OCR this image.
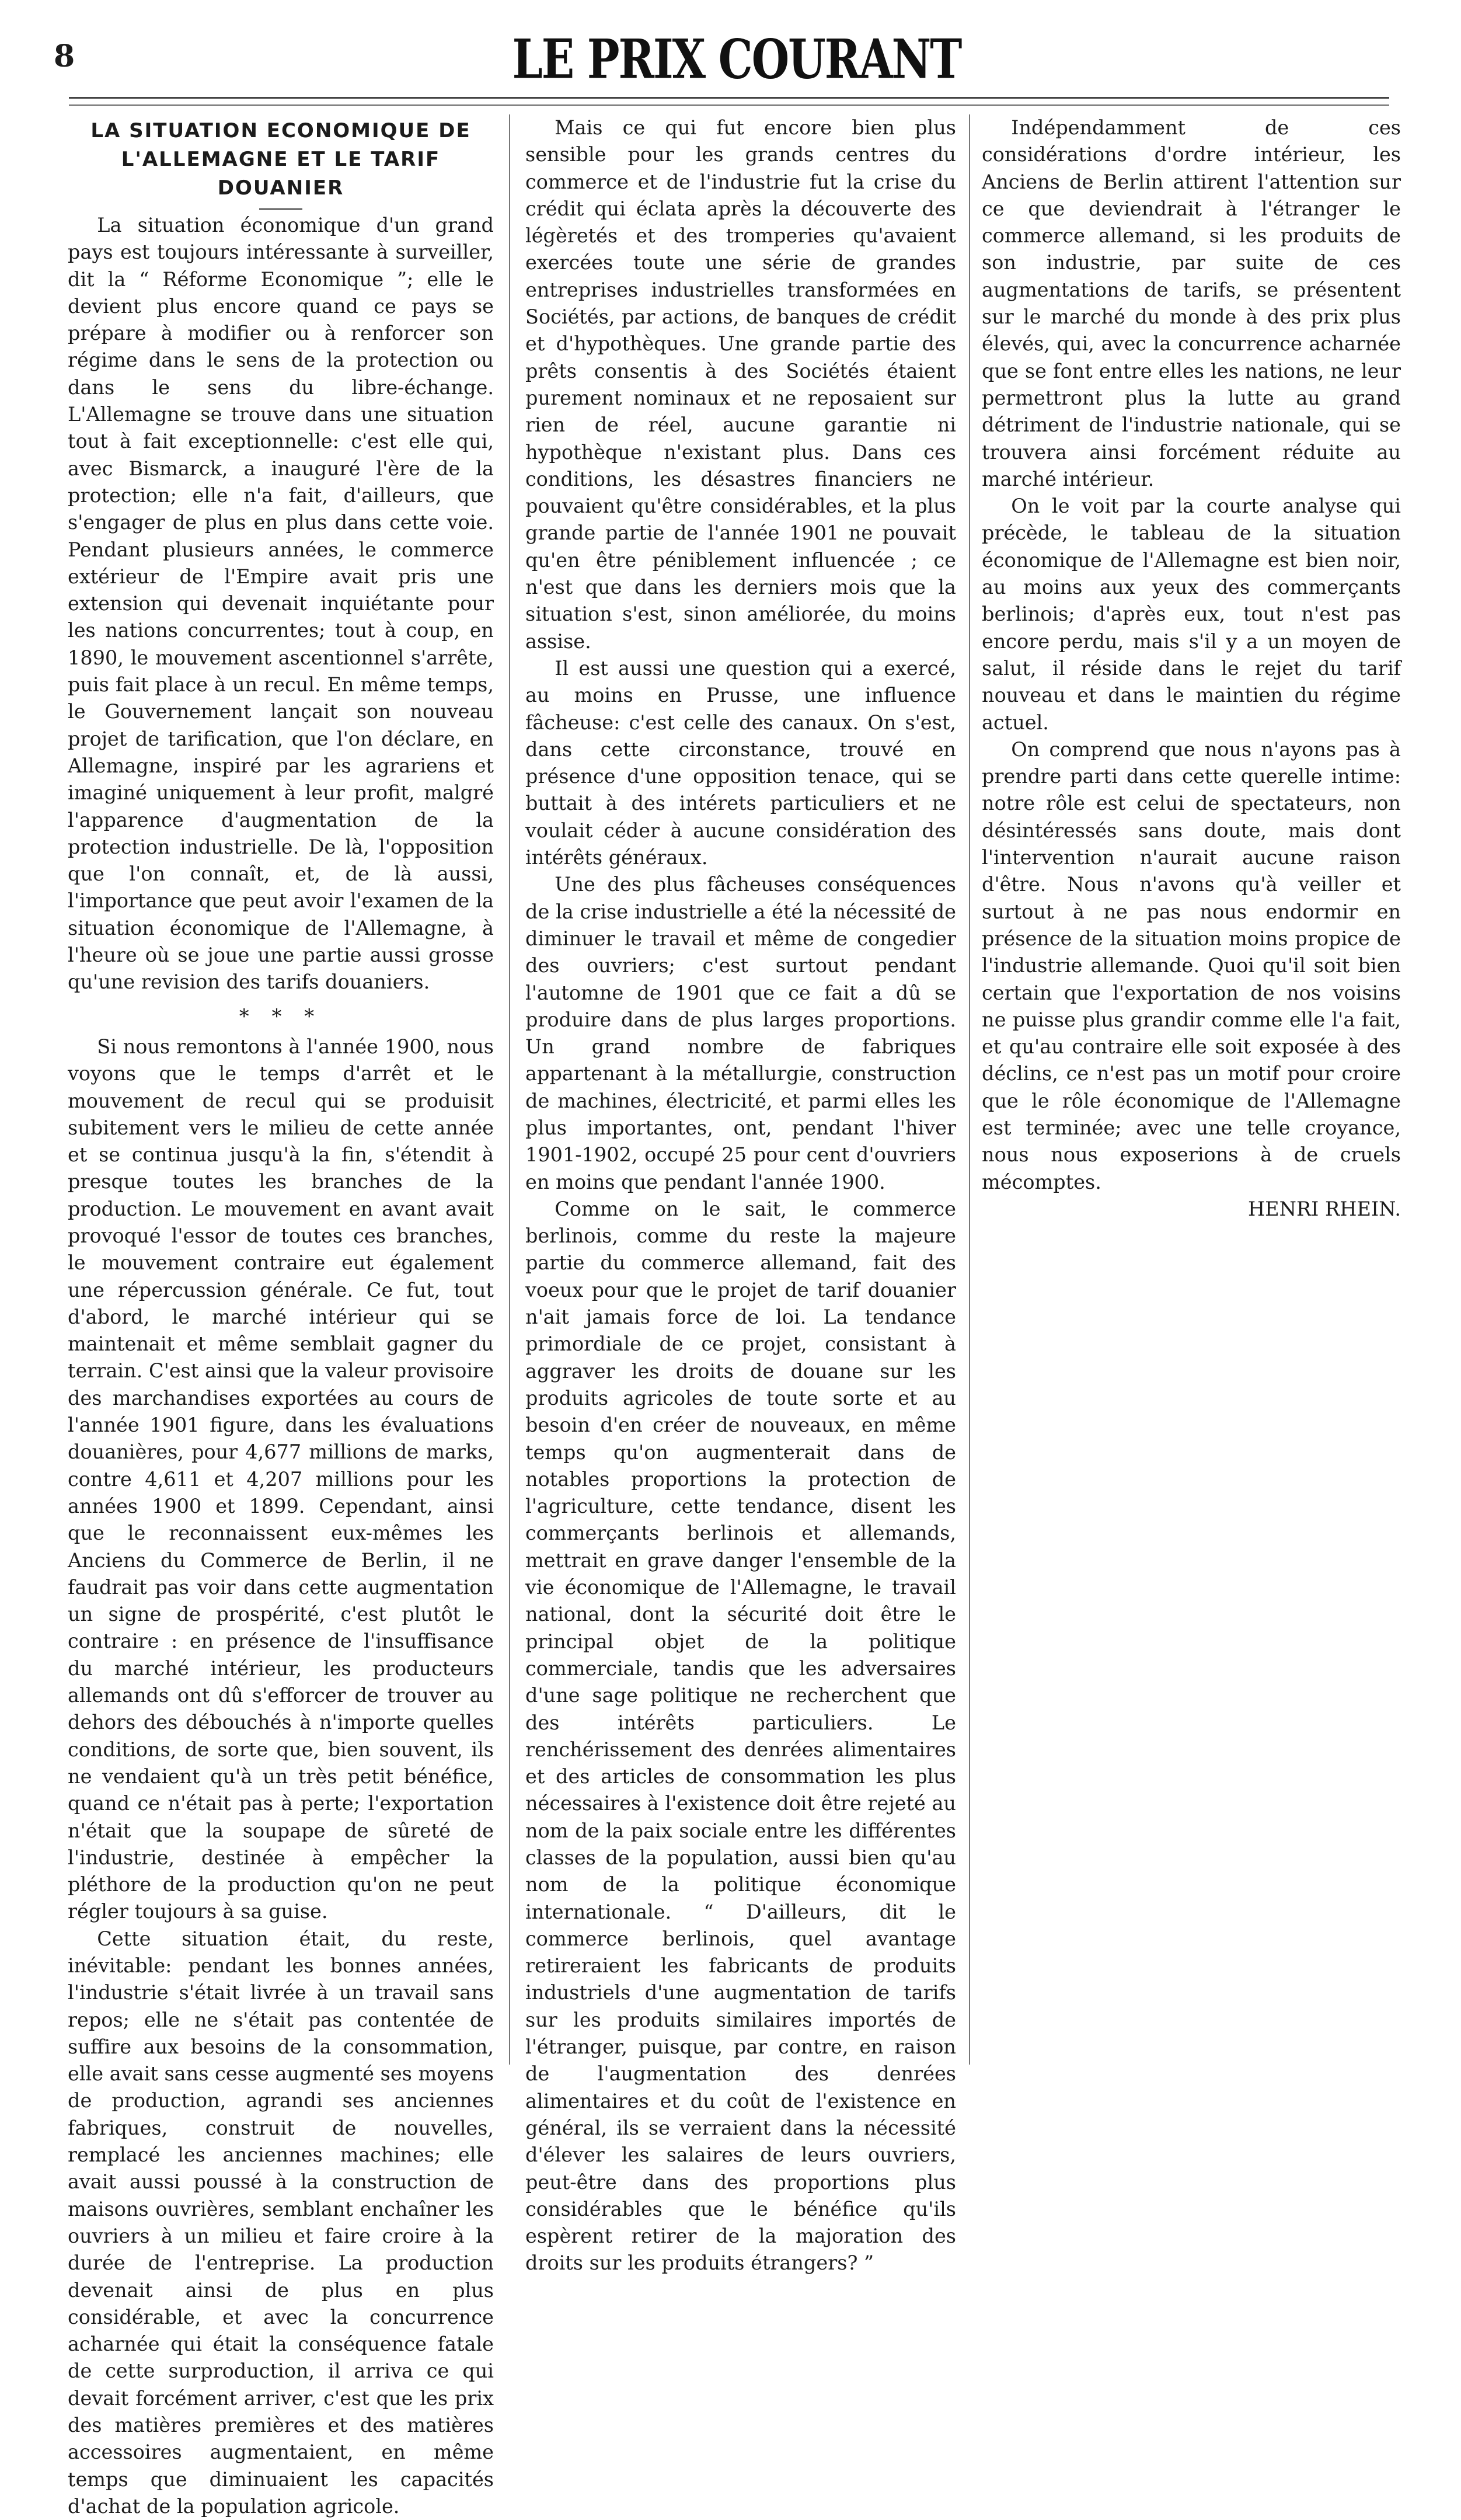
8	LE PRIX COURANT
LA SITUATION ECONOMIQUE DE L'ALLEMAGNE ET LE TARIF DOUANIER

La situation économique d'un grand pays est toujours intéressante à surveiller, dit la “ Réforme Economique ”; elle le devient plus encore quand ce pays se prépare à modifier ou à renforcer son régime dans le sens de la protection ou dans le sens du libre-échange. L'Allemagne se trouve dans une situation tout à fait exceptionnelle: c'est elle qui, avec Bismarck, a inauguré l'ère de la protection; elle n'a fait, d'ailleurs, que s'engager de plus en plus dans cette voie. Pendant plusieurs années, le commerce extérieur de l'Empire avait pris une extension qui devenait inquiétante pour les nations concurrentes; tout à coup, en 1890, le mouvement ascentionnel s'arrête, puis fait place à un recul. En même temps, le Gouvernement lançait son nouveau projet de tarification, que l'on déclare, en Allemagne, inspiré par les agrariens et imaginé uniquement à leur profit, malgré l'apparence d'augmentation de la protection industrielle. De là, l'opposition que l'on connaît, et, de là aussi, l'importance que peut avoir l'examen de la situation économique de l'Allemagne, à l'heure où se joue une partie aussi grosse qu'une revision des tarifs douaniers.

* * *

Si nous remontons à l'année 1900, nous voyons que le temps d'arrêt et le mouvement de recul qui se produisit subitement vers le milieu de cette année et se continua jusqu'à la fin, s'étendit à presque toutes les branches de la production. Le mouvement en avant avait provoqué l'essor de toutes ces branches, le mouvement contraire eut également une répercussion générale. Ce fut, tout d'abord, le marché intérieur qui se maintenait et même semblait gagner du terrain. C'est ainsi que la valeur provisoire des marchandises exportées au cours de l'année 1901 figure, dans les évaluations douanières, pour 4,677 millions de marks, contre 4,611 et 4,207 millions pour les années 1900 et 1899. Cependant, ainsi que le reconnaissent eux-mêmes les Anciens du Commerce de Berlin, il ne faudrait pas voir dans cette augmentation un signe de prospérité, c'est plutôt le contraire : en présence de l'insuffisance du marché intérieur, les producteurs allemands ont dû s'efforcer de trouver au dehors des débouchés à n'importe quelles conditions, de sorte que, bien souvent, ils ne vendaient qu'à un très petit bénéfice, quand ce n'était pas à perte; l'exportation n'était que la soupape de sûreté de l'industrie, destinée à empêcher la pléthore de la production qu'on ne peut régler toujours à sa guise.

Cette situation était, du reste, inévitable: pendant les bonnes années, l'industrie s'était livrée à un travail sans repos; elle ne s'était pas contentée de suffire aux besoins de la consommation, elle avait sans cesse augmenté ses moyens de production, agrandi ses anciennes fabriques, construit de nouvelles, remplacé les anciennes machines; elle avait aussi poussé à la construction de maisons ouvrières, semblant enchaîner les ouvriers à un milieu et faire croire à la durée de l'entreprise. La production devenait ainsi de plus en plus considérable, et avec la concurrence acharnée qui était la conséquence fatale de cette surproduction, il arriva ce qui devait forcément arriver, c'est que les prix des matières premières et des matières accessoires augmentaient, en même temps que diminuaient les capacités d'achat de la population agricole.

Mais ce qui fut encore bien plus sensible pour les grands centres du commerce et de l'industrie fut la crise du crédit qui éclata après la découverte des légèretés et des tromperies qu'avaient exercées toute une série de grandes entreprises industrielles transformées en Sociétés, par actions, de banques de crédit et d'hypothèques. Une grande partie des prêts consentis à des Sociétés étaient purement nominaux et ne reposaient sur rien de réel, aucune garantie ni hypothèque n'existant plus. Dans ces conditions, les désastres financiers ne pouvaient qu'être considérables, et la plus grande partie de l'année 1901 ne pouvait qu'en être péniblement influencée ; ce n'est que dans les derniers mois que la situation s'est, sinon améliorée, du moins assise.

Il est aussi une question qui a exercé, au moins en Prusse, une influence fâcheuse: c'est celle des canaux. On s'est, dans cette circonstance, trouvé en présence d'une opposition tenace, qui se buttait à des intérets particuliers et ne voulait céder à aucune considération des intérêts généraux.

Une des plus fâcheuses conséquences de la crise industrielle a été la nécessité de diminuer le travail et même de congedier des ouvriers; c'est surtout pendant l'automne de 1901 que ce fait a dû se produire dans de plus larges proportions. Un grand nombre de fabriques appartenant à la métallurgie, construction de machines, électricité, et parmi elles les plus importantes, ont, pendant l'hiver 1901-1902, occupé 25 pour cent d'ouvriers en moins que pendant l'année 1900.

Comme on le sait, le commerce berlinois, comme du reste la majeure partie du commerce allemand, fait des voeux pour que le projet de tarif douanier n'ait jamais force de loi. La tendance primordiale de ce projet, consistant à aggraver les droits de douane sur les produits agricoles de toute sorte et au besoin d'en créer de nouveaux, en même temps qu'on augmenterait dans de notables proportions la protection de l'agriculture, cette tendance, disent les commerçants berlinois et allemands, mettrait en grave danger l'ensemble de la vie économique de l'Allemagne, le travail national, dont la sécurité doit être le principal objet de la politique commerciale, tandis que les adversaires d'une sage politique ne recherchent que des intérêts particuliers. Le renchérissement des denrées alimentaires et des articles de consommation les plus nécessaires à l'existence doit être rejeté au nom de la paix sociale entre les différentes classes de la population, aussi bien qu'au nom de la politique économique internationale. “ D'ailleurs, dit le commerce berlinois, quel avantage retireraient les fabricants de produits industriels d'une augmentation de tarifs sur les produits similaires importés de l'étranger, puisque, par contre, en raison de l'augmentation des denrées alimentaires et du coût de l'existence en général, ils se verraient dans la nécessité d'élever les salaires de leurs ouvriers, peut-être dans des proportions plus considérables que le bénéfice qu'ils espèrent retirer de la majoration des droits sur les produits étrangers? ”

Indépendamment de ces considérations d'ordre intérieur, les Anciens de Berlin attirent l'attention sur ce que deviendrait à l'étranger le commerce allemand, si les produits de son industrie, par suite de ces augmentations de tarifs, se présentent sur le marché du monde à des prix plus élevés, qui, avec la concurrence acharnée que se font entre elles les nations, ne leur permettront plus la lutte au grand détriment de l'industrie nationale, qui se trouvera ainsi forcément réduite au marché intérieur.

On le voit par la courte analyse qui précède, le tableau de la situation économique de l'Allemagne est bien noir, au moins aux yeux des commerçants berlinois; d'après eux, tout n'est pas encore perdu, mais s'il y a un moyen de salut, il réside dans le rejet du tarif nouveau et dans le maintien du régime actuel.

On comprend que nous n'ayons pas à prendre parti dans cette querelle intime: notre rôle est celui de spectateurs, non désintéressés sans doute, mais dont l'intervention n'aurait aucune raison d'être. Nous n'avons qu'à veiller et surtout à ne pas nous endormir en présence de la situation moins propice de l'industrie allemande. Quoi qu'il soit bien certain que l'exportation de nos voisins ne puisse plus grandir comme elle l'a fait, et qu'au contraire elle soit exposée à des déclins, ce n'est pas un motif pour croire que le rôle économique de l'Allemagne est terminée; avec une telle croyance, nous nous exposerions à de cruels mécomptes.

HENRI RHEIN.
